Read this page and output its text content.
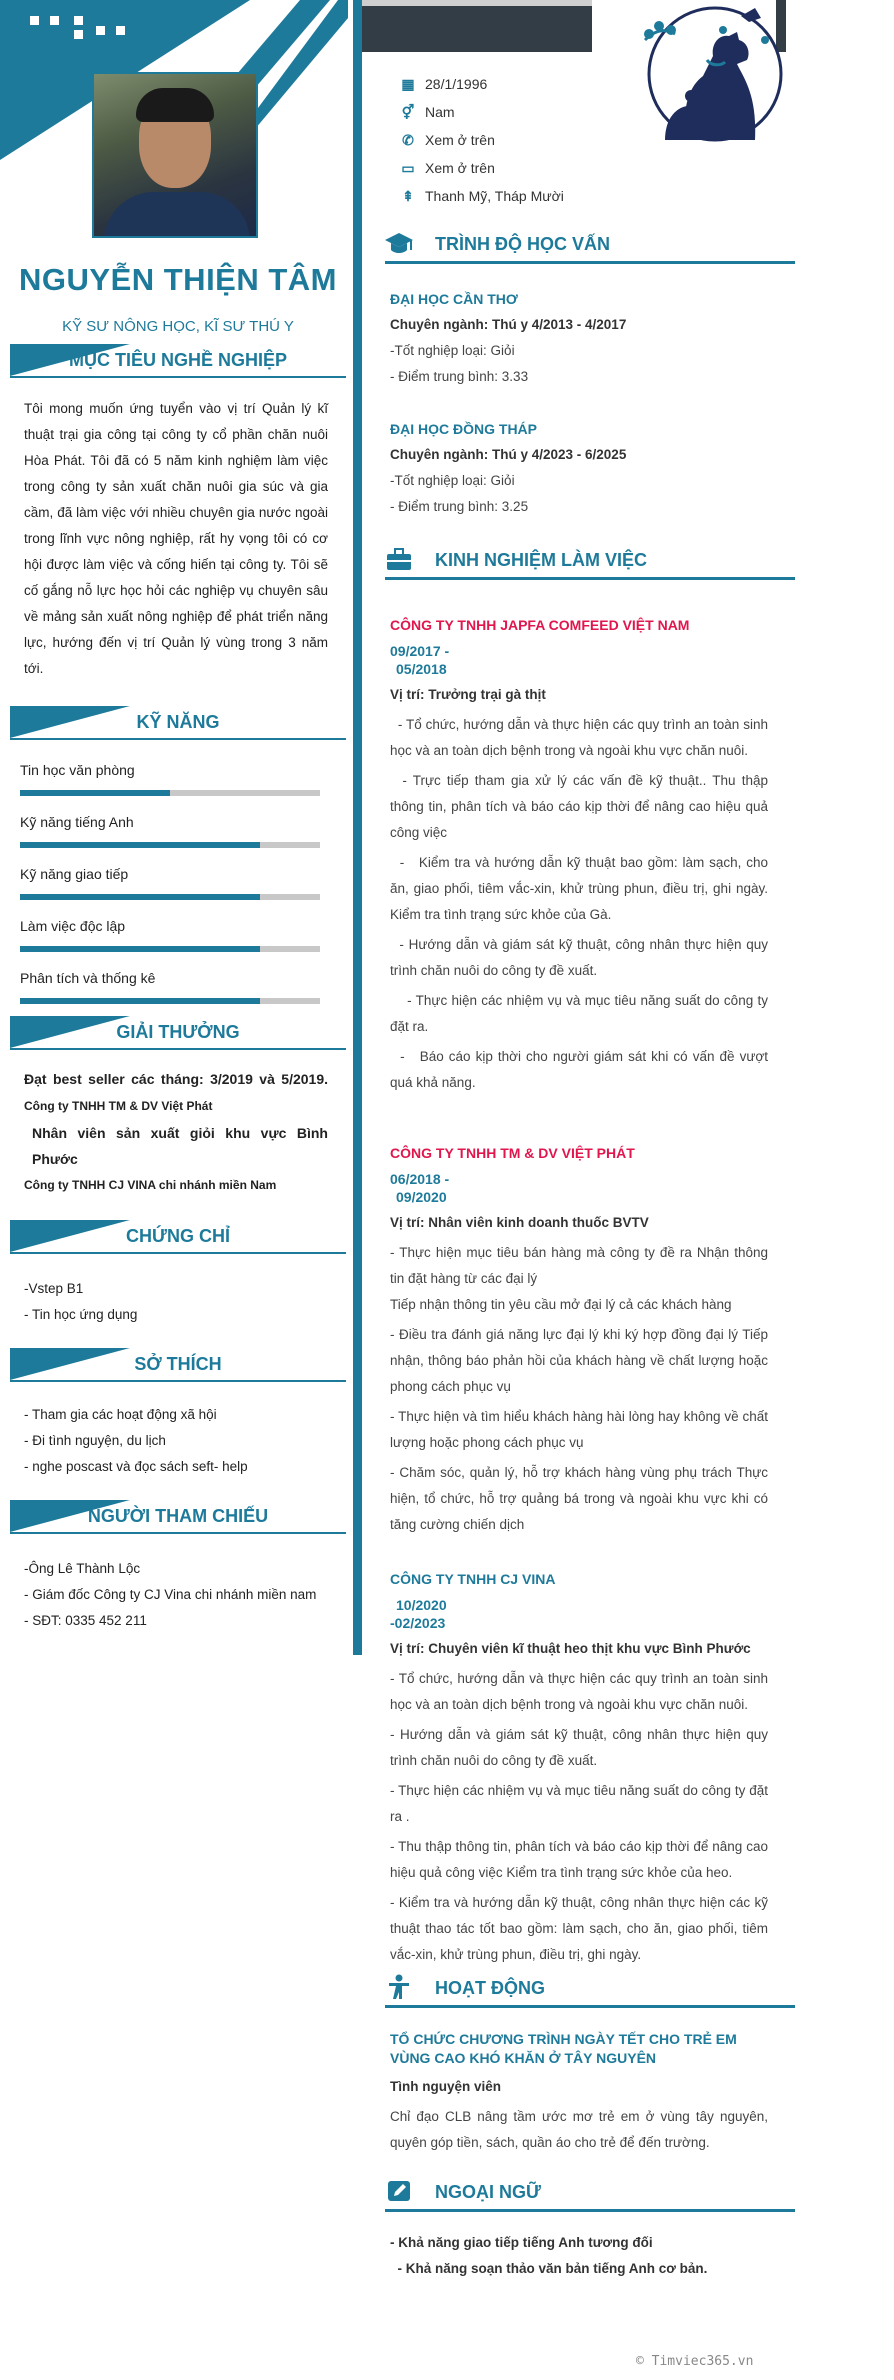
NGUYỄN THIỆN TÂM
KỸ SƯ NÔNG HỌC, KĨ SƯ THÚ Y
MỤC TIÊU NGHỀ NGHIỆP
Tôi mong muốn ứng tuyển vào vị trí Quản lý kĩ thuật trại gia công tại công ty cổ phần chăn nuôi Hòa Phát. Tôi đã có 5 năm kinh nghiệm làm việc trong công ty sản xuất chăn nuôi gia súc và gia cầm, đã làm việc với nhiều chuyên gia nước ngoài trong lĩnh vực nông nghiệp, rất hy vọng tôi có cơ hội được làm việc và cống hiến tại công ty. Tôi sẽ cố gắng nỗ lực học hỏi các nghiệp vụ chuyên sâu về mảng sản xuất nông nghiệp để phát triển năng lực, hướng đến vị trí Quản lý vùng trong 3 năm tới.
KỸ NĂNG
Tin học văn phòng
Kỹ năng tiếng Anh
Kỹ năng giao tiếp
Làm việc độc lập
Phân tích và thống kê
GIẢI THƯỞNG
Đạt best seller các tháng: 3/2019 và 5/2019. Công ty TNHH TM & DV Việt Phát
Nhân viên sản xuất giỏi khu vực Bình Phước
Công ty TNHH CJ VINA chi nhánh miền Nam
CHỨNG CHỈ
-Vstep B1
- Tin học ứng dụng
SỞ THÍCH
- Tham gia các hoạt động xã hội
- Đi tình nguyện, du lịch
- nghe poscast và đọc sách seft- help
NGƯỜI THAM CHIẾU
-Ông Lê Thành Lộc
- Giám đốc Công ty CJ Vina chi nhánh miền nam
- SĐT: 0335 452 211
▦ 28/1/1996
⚥ Nam
✆ Xem ở trên
▭ Xem ở trên
⇞ Thanh Mỹ, Tháp Mười
TRÌNH ĐỘ HỌC VẤN
ĐẠI HỌC CẦN THƠ
Chuyên ngành: Thú y 4/2013 - 4/2017
-Tốt nghiệp loại: Giỏi
- Điểm trung bình: 3.33
ĐẠI HỌC ĐỒNG THÁP
Chuyên ngành: Thú y 4/2023 - 6/2025
-Tốt nghiệp loại: Giỏi
- Điểm trung bình: 3.25
KINH NGHIỆM LÀM VIỆC
CÔNG TY TNHH JAPFA COMFEED VIỆT NAM
09/2017 -
05/2018
Vị trí: Trưởng trại gà thịt
- Tổ chức, hướng dẫn và thực hiện các quy trình an toàn sinh học và an toàn dịch bệnh trong và ngoài khu vực chăn nuôi.
- Trực tiếp tham gia xử lý các vấn đề kỹ thuật.. Thu thập thông tin, phân tích và báo cáo kịp thời để nâng cao hiệu quả công việc
-   Kiểm tra và hướng dẫn kỹ thuật bao gồm: làm sạch, cho ăn, giao phối, tiêm vắc-xin, khử trùng phun, điều trị, ghi ngày. Kiểm tra tình trạng sức khỏe của Gà.
- Hướng dẫn và giám sát kỹ thuật, công nhân thực hiện quy trình chăn nuôi do công ty đề xuất.
- Thực hiện các nhiệm vụ và mục tiêu năng suất do công ty đặt ra.
-   Báo cáo kịp thời cho người giám sát khi có vấn đề vượt quá khả năng.
CÔNG TY TNHH TM & DV VIỆT PHÁT
06/2018 -
09/2020
Vị trí: Nhân viên kinh doanh thuốc BVTV
- Thực hiện mục tiêu bán hàng mà công ty đề ra Nhận thông tin đặt hàng từ các đại lý
Tiếp nhận thông tin yêu cầu mở đại lý cả các khách hàng
- Điều tra đánh giá năng lực đại lý khi ký hợp đồng đại lý Tiếp nhận, thông báo phản hồi của khách hàng về chất lượng hoặc phong cách phục vụ
- Thực hiện và tìm hiểu khách hàng hài lòng hay không về chất lượng hoặc phong cách phục vụ
- Chăm sóc, quản lý, hỗ trợ khách hàng vùng phụ trách Thực hiện, tổ chức, hỗ trợ quảng bá trong và ngoài khu vực khi có tăng cường chiến dịch
CÔNG TY TNHH CJ VINA
10/2020
-02/2023
Vị trí: Chuyên viên kĩ thuật heo thịt khu vực Bình Phước
- Tổ chức, hướng dẫn và thực hiện các quy trình an toàn sinh học và an toàn dịch bệnh trong và ngoài khu vực chăn nuôi.
- Hướng dẫn và giám sát kỹ thuật, công nhân thực hiện quy trình chăn nuôi do công ty đề xuất.
- Thực hiện các nhiệm vụ và mục tiêu năng suất do công ty đặt ra .
- Thu thập thông tin, phân tích và báo cáo kịp thời để nâng cao hiệu quả công việc Kiểm tra tình trạng sức khỏe của heo.
- Kiểm tra và hướng dẫn kỹ thuật, công nhân thực hiện các kỹ thuật thao tác tốt bao gồm: làm sạch, cho ăn, giao phối, tiêm vắc-xin, khử trùng phun, điều trị, ghi ngày.
HOẠT ĐỘNG
TỔ CHỨC CHƯƠNG TRÌNH NGÀY TẾT CHO TRẺ EM VÙNG CAO KHÓ KHĂN Ở TÂY NGUYÊN
Tình nguyện viên
Chỉ đạo CLB nâng tầm ước mơ trẻ em ở vùng tây nguyên, quyên góp tiền, sách, quần áo cho trẻ để đến trường.
NGOẠI NGỮ
- Khả năng giao tiếp tiếng Anh tương đối
- Khả năng soạn thảo văn bản tiếng Anh cơ bản.
© Timviec365.vn
